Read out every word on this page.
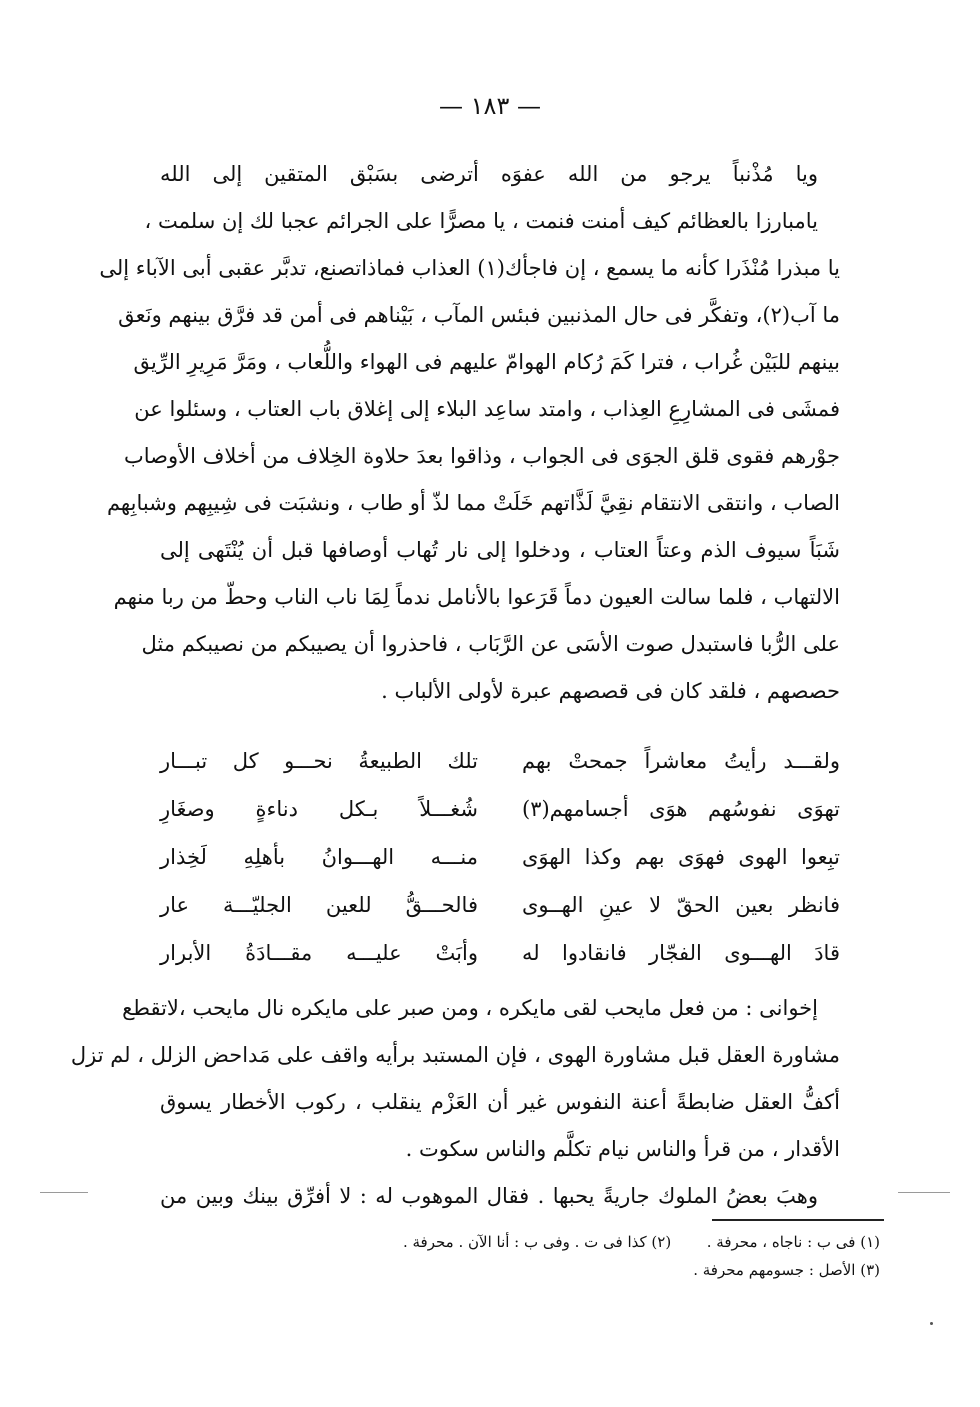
— ١٨٣ —
ويا مُذْنباً يرجو من الله عفوَه أترضى بسَبْق المتقين إلى الله
يامبارزا بالعظائم كيف أمنت فنمت ، يا مصرًّا على الجرائم عجبا لك إن سلمت ،
يا مبذرا مُنْذَرا كأنه ما يسمع ، إن فاجأك(١) العذاب فماذاتصنع، تدبَّر عقبى أبى الآباء إلى
ما آب(٢)، وتفكَّر فى حال المذنبين فبئس المآب ، بَيْناهم فى أمن قد فرَّق بينهم ونَعق
بينهم للبَيْن غُراب ، فترا كَمَ رُكام الهوامّ عليهم فى الهواء واللُّعاب ، ومَرَّ مَرِيرِ الرِّيق
فمشَى فى المشارِعِ العِذاب ، وامتد ساعِد البلاء إلى إغلاق باب العتاب ، وسئلوا عن
جوْرهم فقوى قلق الجوَى فى الجواب ، وذاقوا بعدَ حلاوة الخِلاف من أخلاف الأوصاب
الصاب ، وانتقى الانتقام نقِيَّ لَذَّاتهم خَلَتْ مما لذّ أو طاب ، ونشبَت فى شِيبِهم وشبابِهم
شَبَاً سيوف الذم وعتاً العتاب ، ودخلوا إلى نار تُهاب أوصافها قبل أن يُنْتَهى إلى
الالتهاب ، فلما سالت العيون دماً قَرَعوا بالأنامل ندماً لِمَا ناب الناب وحطّ من ربا منهم
على الرُّبا فاستبدل صوت الأسَى عن الرَّبَاب ، فاحذروا أن يصيبكم من نصيبكم مثل
حصصهم ، فلقد كان فى قصصهم عبرة لأولى الألباب .
ولقـــد رأيتُ معاشراً جمحتْ بهم
تلك الطبيعةُ نحـــو كل تبـــار
تهوَى نفوسُهم هوَى أجسامهم(٣)
شُغـــلاً بـكل دناءةٍ وصغَارِ
تبِعوا الهوى فهوَى بهم وكذا الهوَى
منـــه الهـــوانُ بأهلِهِ لَخِذار
فانظر بعين الحقّ لا عينِ الهــوى
فالحـــقُّ للعين الجليّـــة عار
قادَ الهـــوى الفجّار فانقادوا له
وأبَتْ عليـــه مقـــادَةُ الأبرار
إخوانى : من فعل مايحب لقى مايكره ، ومن صبر على مايكره نال مايحب ،لاتقطع
مشاورة العقل قبل مشاورة الهوى ، فإن المستبد برأيه واقف على مَداحض الزلل ، لم تزل
أكفُّ العقل ضابطةً أعنة النفوس غير أن العَزْم ينقلب ، ركوب الأخطار يسوق
الأقدار ، من قرأ والناس نيام تكلَّم والناس سكوت .
وهبَ بعضُ الملوك جاريةً يحبها . فقال الموهوب له : لا أفرِّق بينك وبين من
(١) فى ب : ناجاه ، محرفة .  (٢) كذا فى ت . وفى ب : أنا الآن . محرفة .
(٣) الأصل : جسومهم محرفة .
